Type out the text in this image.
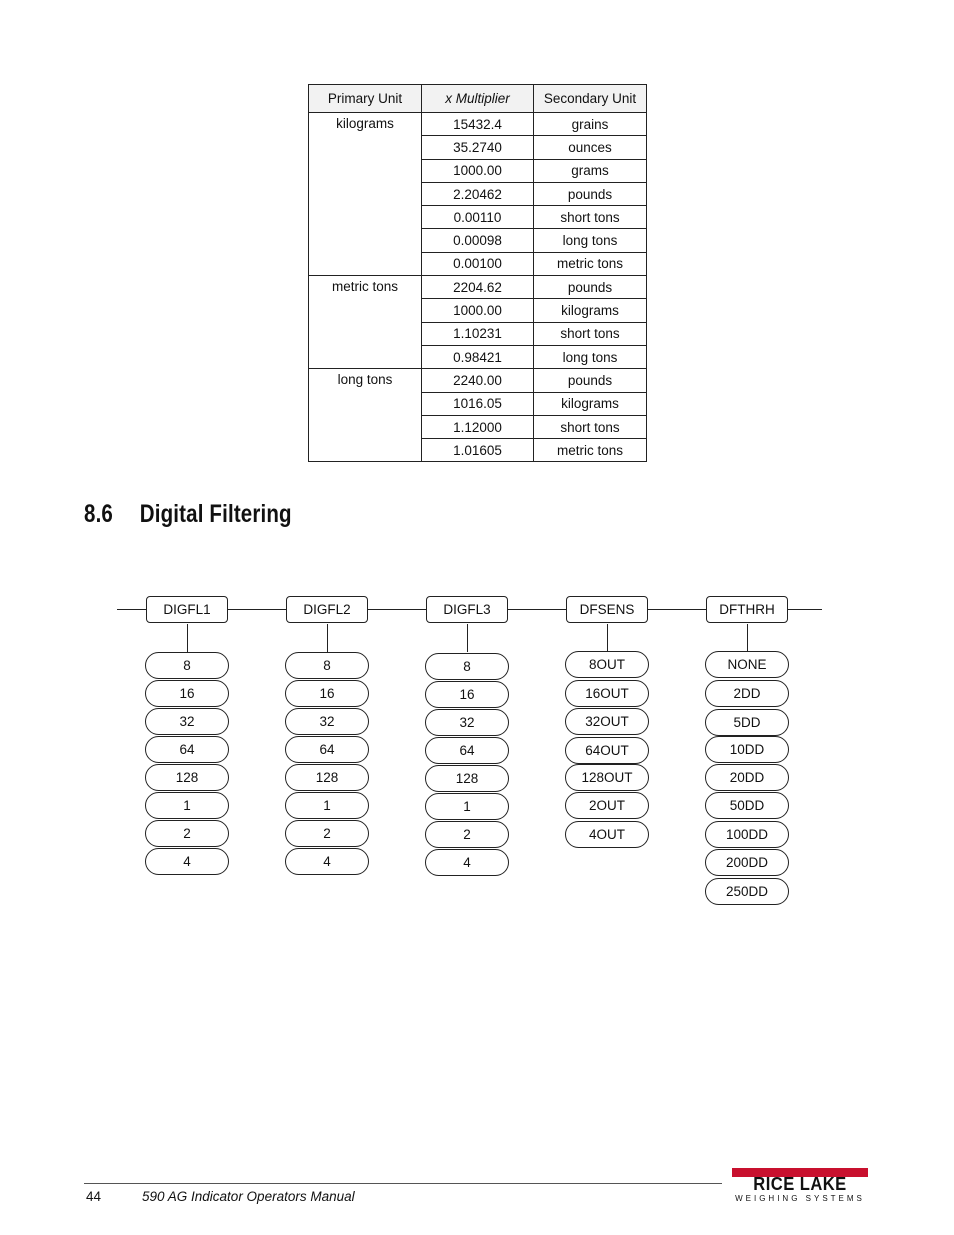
Primary Unit	x Multiplier	Secondary Unit
kilograms	15432.4	grains
	35.2740	ounces
	1000.00	grams
	2.20462	pounds
	0.00110	short tons
	0.00098	long tons
	0.00100	metric tons
metric tons	2204.62	pounds
	1000.00	kilograms
	1.10231	short tons
	0.98421	long tons
long tons	2240.00	pounds
	1016.05	kilograms
	1.12000	short tons
	1.01605	metric tons
8.6 Digital Filtering
DIGFL1
8
16
32
64
128
1
2
4
DIGFL2
8
16
32
64
128
1
2
4
DIGFL3
8
16
32
64
128
1
2
4
DFSENS
8OUT
16OUT
32OUT
64OUT
128OUT
2OUT
4OUT
DFTHRH
NONE
2DD
5DD
10DD
20DD
50DD
100DD
200DD
250DD
44	590 AG Indicator Operators Manual
RICE LAKE
WEIGHING SYSTEMS
